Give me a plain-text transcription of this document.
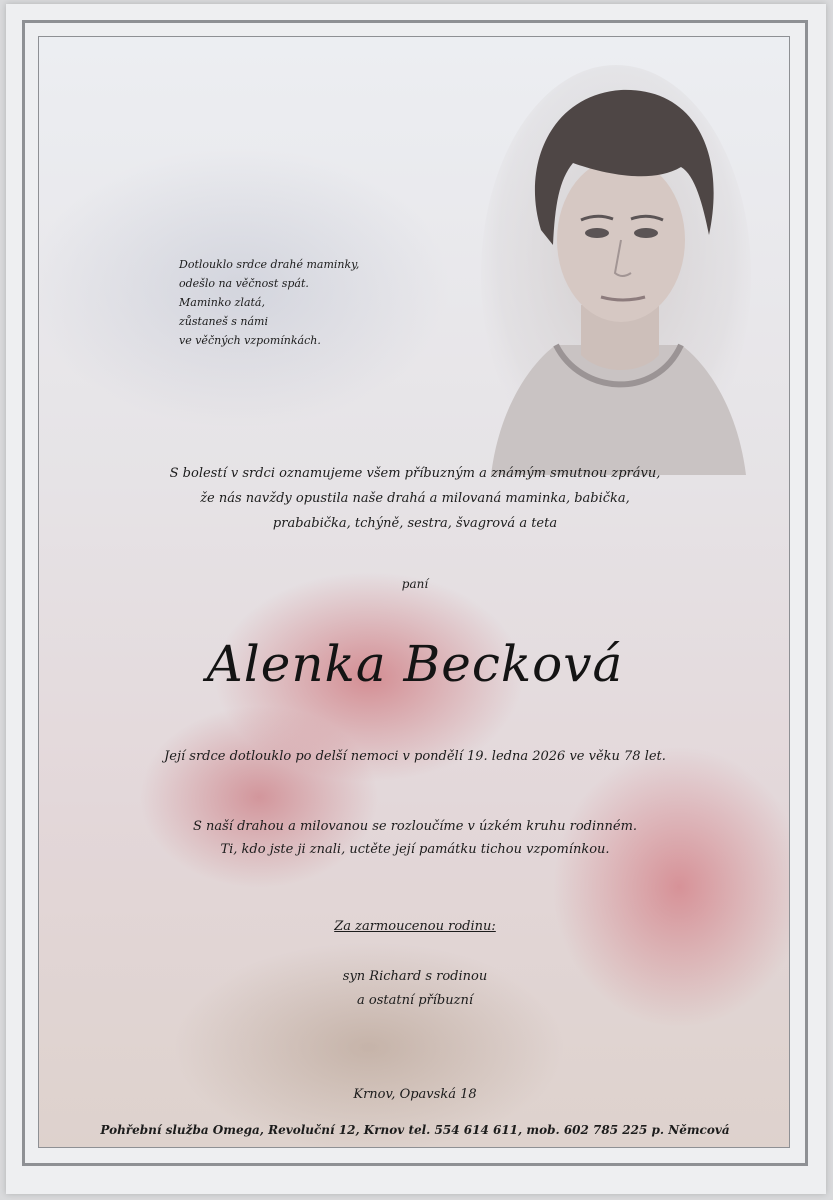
Dotlouklo srdce drahé maminky,
odešlo na věčnost spát.
Maminko zlatá,
zůstaneš s námi
ve věčných vzpomínkách.
S bolestí v srdci oznamujeme všem příbuzným a známým smutnou zprávu,
že nás navždy opustila naše drahá a milovaná maminka, babička,
prababička, tchýně, sestra, švagrová a teta
paní
Alenka Becková
Její srdce dotlouklo po delší nemoci v pondělí 19. ledna 2026 ve věku 78 let.
S naší drahou a milovanou se rozloučíme v úzkém kruhu rodinném.
Ti, kdo jste ji znali, uctěte její památku tichou vzpomínkou.
Za zarmoucenou rodinu:
syn Richard s rodinou
a ostatní příbuzní
Krnov, Opavská 18
Pohřební služba Omega, Revoluční 12, Krnov tel. 554 614 611, mob. 602 785 225 p. Němcová
